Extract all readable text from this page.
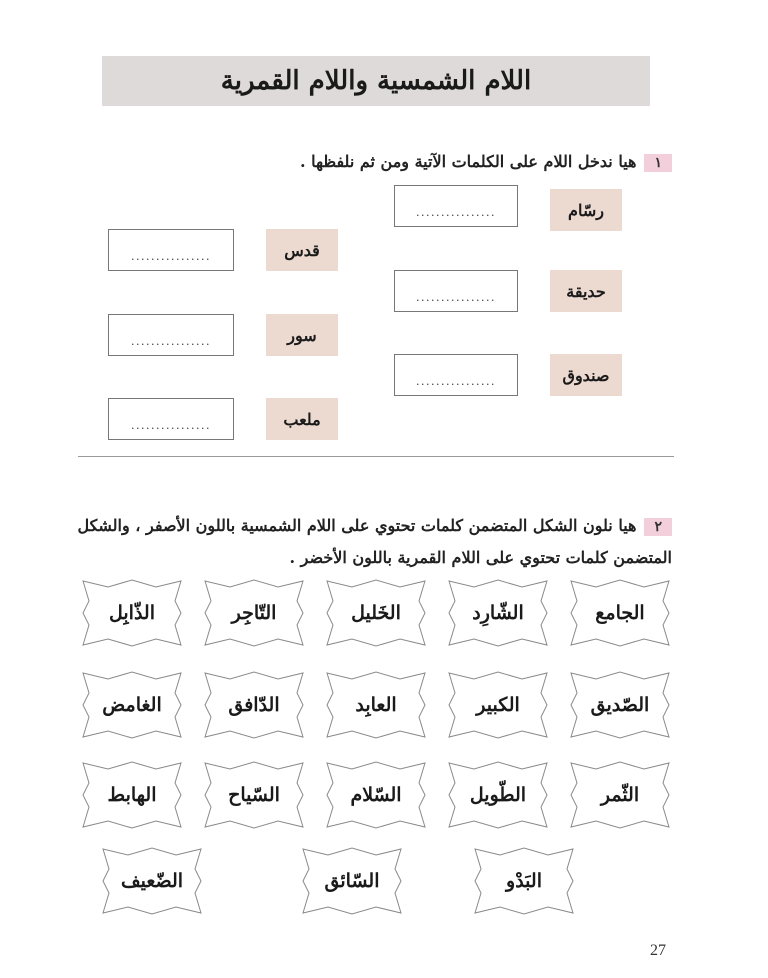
اللام الشمسية واللام القمرية
١هيا ندخل اللام على الكلمات الآتية ومن ثم نلفظها .
رسّام
................
حديقة
................
صندوق
................
قدس
................
سور
................
ملعب
................
٢هيا نلون الشكل المتضمن كلمات تحتوي على اللام الشمسية باللون الأصفر ، والشكل
المتضمن كلمات تحتوي على اللام القمرية باللون الأخضر .
الجامع
الشّارِد
الخَليل
التّاجِر
الذّابِل
الصّديق
الكبير
العابِد
الدّافق
الغامض
الثّمر
الطّويل
السّلام
السّياح
الهابط
البَدْو
السّائق
الضّعيف
27
